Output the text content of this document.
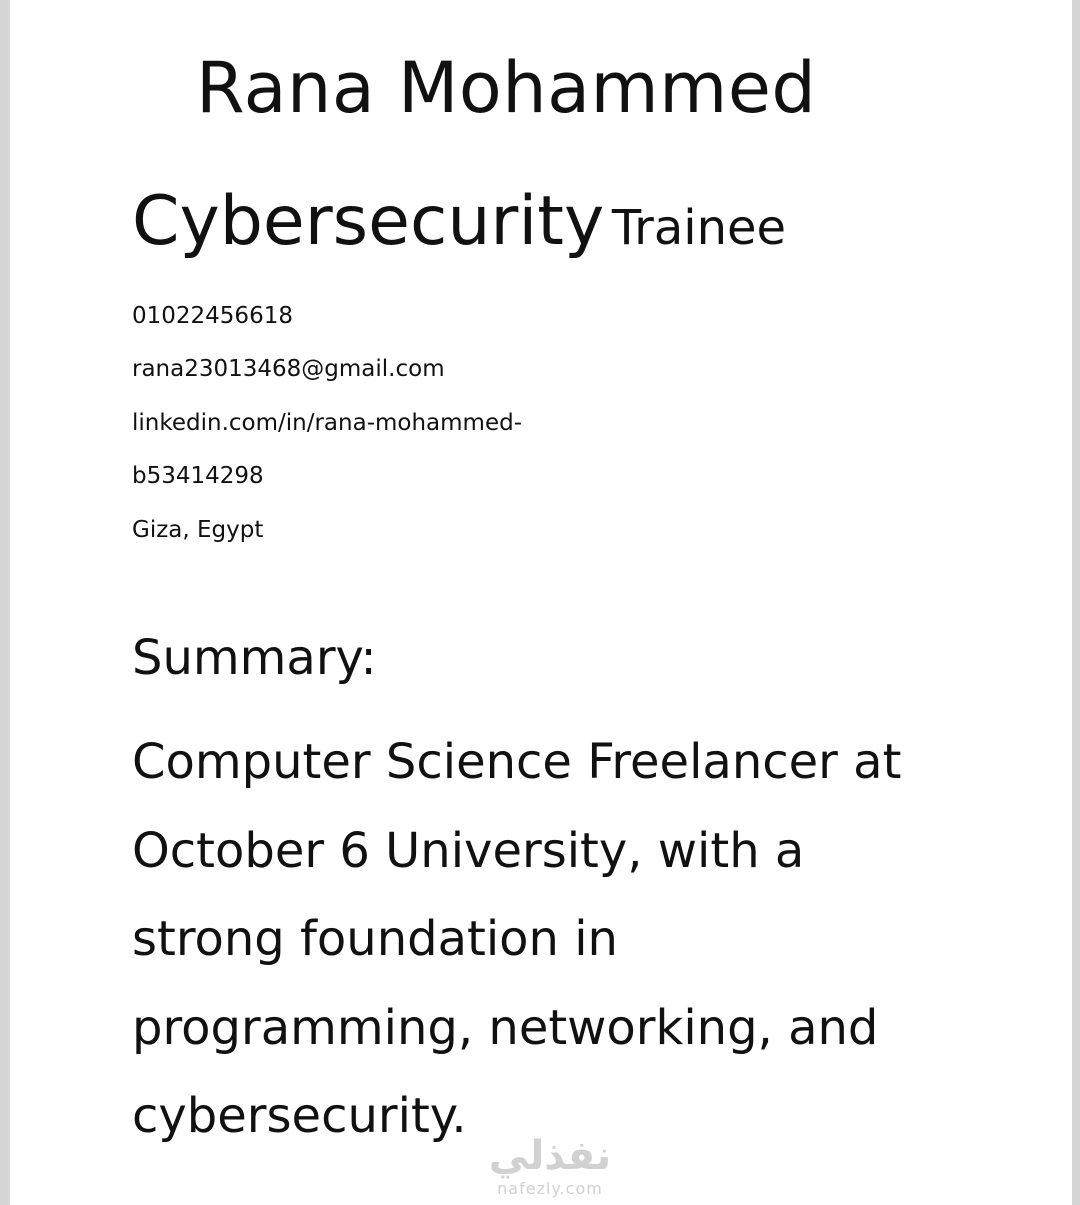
Rana Mohammed
Cybersecurity Trainee

01022456618

rana23013468@gmail.com

linkedin.com/in/rana-mohammed-

b53414298

Giza, Egypt

Summary:

Computer Science Freelancer at

October 6 University, with a

strong foundation in

programming, networking, and

cybersecurity.

نفذلي
nafezly.com
